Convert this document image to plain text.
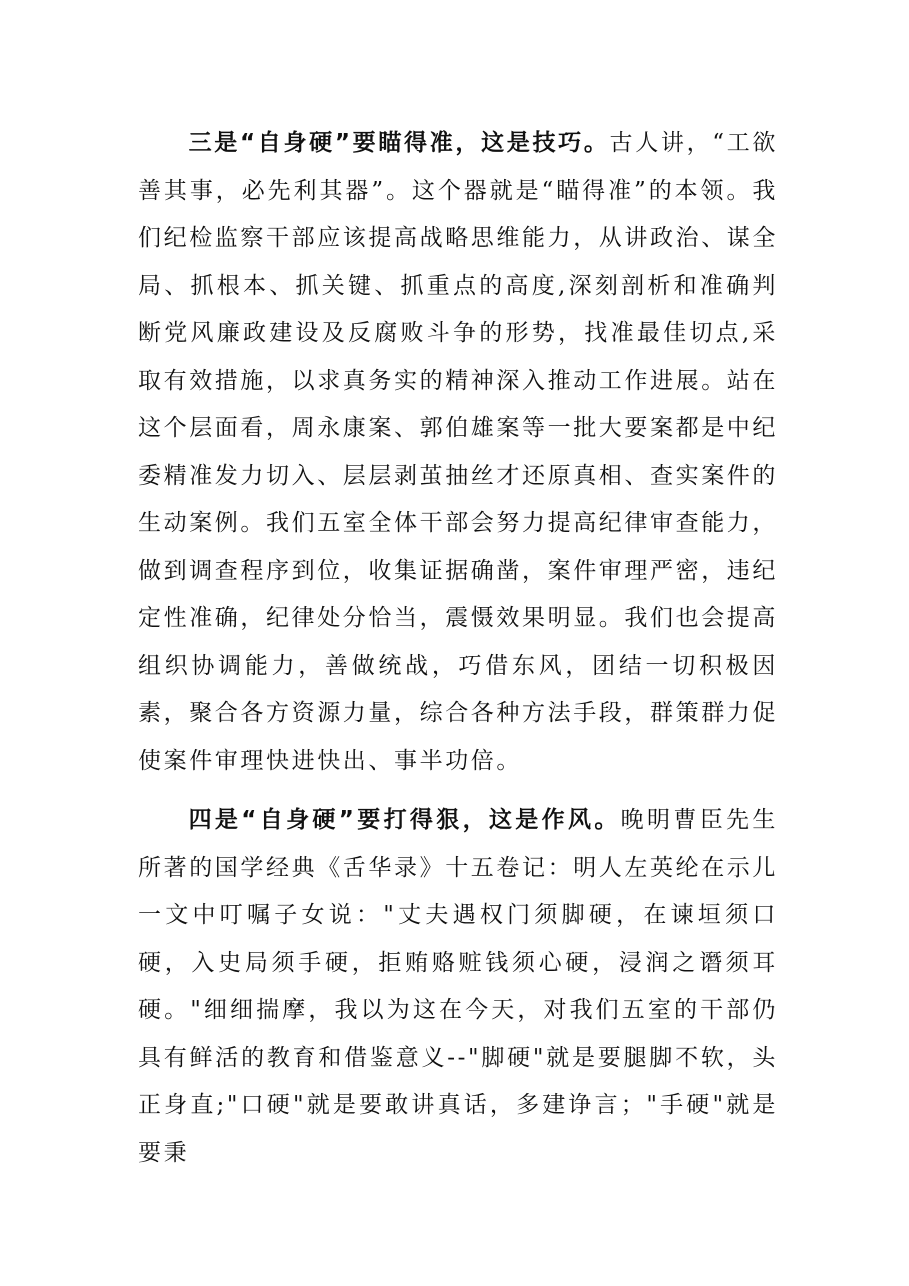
三是“自身硬”要瞄得准，这是技巧。古人讲，“工欲善其事，必先利其器”。这个器就是“瞄得准”的本领。我们纪检监察干部应该提高战略思维能力，从讲政治、谋全局、抓根本、抓关键、抓重点的高度,深刻剖析和准确判断党风廉政建设及反腐败斗争的形势，找准最佳切点,采取有效措施，以求真务实的精神深入推动工作进展。站在这个层面看，周永康案、郭伯雄案等一批大要案都是中纪委精准发力切入、层层剥茧抽丝才还原真相、查实案件的生动案例。我们五室全体干部会努力提高纪律审查能力，做到调查程序到位，收集证据确凿，案件审理严密，违纪定性准确，纪律处分恰当，震慑效果明显。我们也会提高组织协调能力，善做统战，巧借东风，团结一切积极因素，聚合各方资源力量，综合各种方法手段，群策群力促使案件审理快进快出、事半功倍。

四是“自身硬”要打得狠，这是作风。晚明曹臣先生所著的国学经典《舌华录》十五卷记：明人左英纶在示儿一文中叮嘱子女说："丈夫遇权门须脚硬，在谏垣须口硬，入史局须手硬，拒贿赂赃钱须心硬，浸润之谮须耳硬。"细细揣摩，我以为这在今天，对我们五室的干部仍具有鲜活的教育和借鉴意义--"脚硬"就是要腿脚不软，头正身直;"口硬"就是要敢讲真话，多建诤言；"手硬"就是要秉
